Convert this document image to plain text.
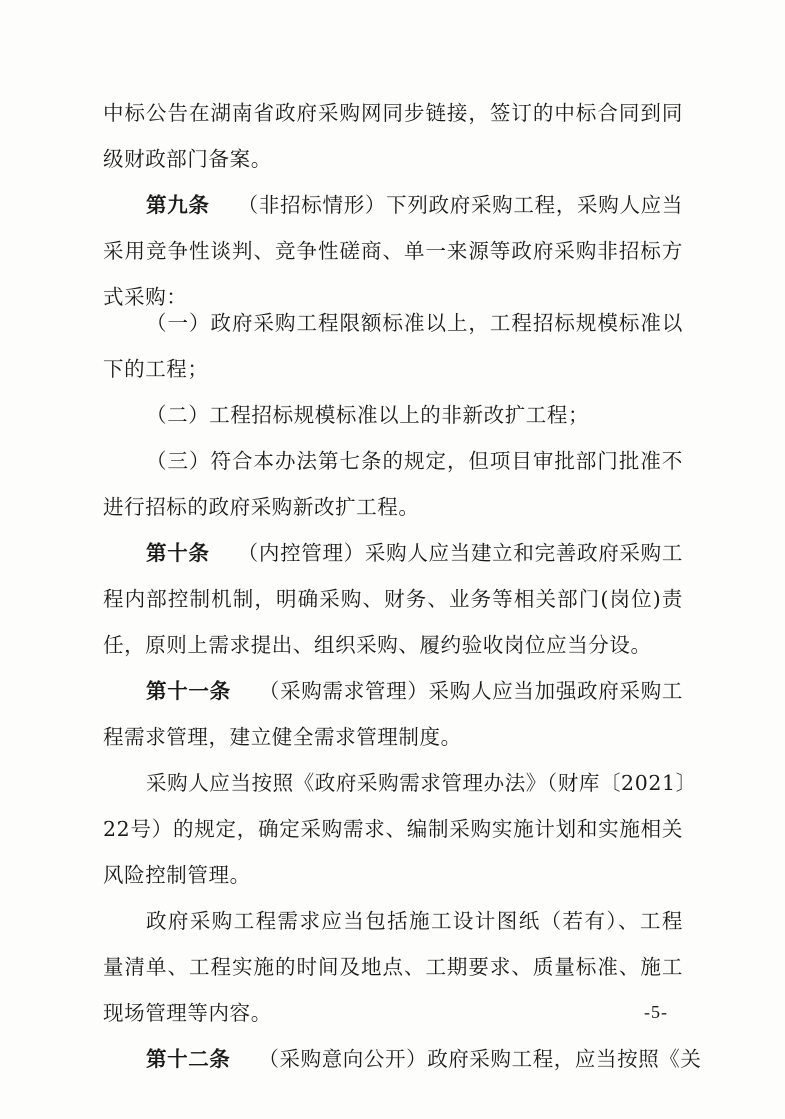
中标公告在湖南省政府采购网同步链接，签订的中标合同到同
级财政部门备案。
第九条 （非招标情形）下列政府采购工程，采购人应当
采用竞争性谈判、竞争性磋商、单一来源等政府采购非招标方
式采购：
（一）政府采购工程限额标准以上，工程招标规模标准以
下的工程；
（二）工程招标规模标准以上的非新改扩工程；
（三）符合本办法第七条的规定，但项目审批部门批准不
进行招标的政府采购新改扩工程。
第十条 （内控管理）采购人应当建立和完善政府采购工
程内部控制机制，明确采购、财务、业务等相关部门(岗位)责
任，原则上需求提出、组织采购、履约验收岗位应当分设。
第十一条 （采购需求管理）采购人应当加强政府采购工
程需求管理，建立健全需求管理制度。
采购人应当按照《政府采购需求管理办法》（财库〔2021〕
22号）的规定，确定采购需求、编制采购实施计划和实施相关
风险控制管理。
政府采购工程需求应当包括施工设计图纸（若有）、工程
量清单、工程实施的时间及地点、工期要求、质量标准、施工
现场管理等内容。
第十二条 （采购意向公开）政府采购工程，应当按照《关
-5-
